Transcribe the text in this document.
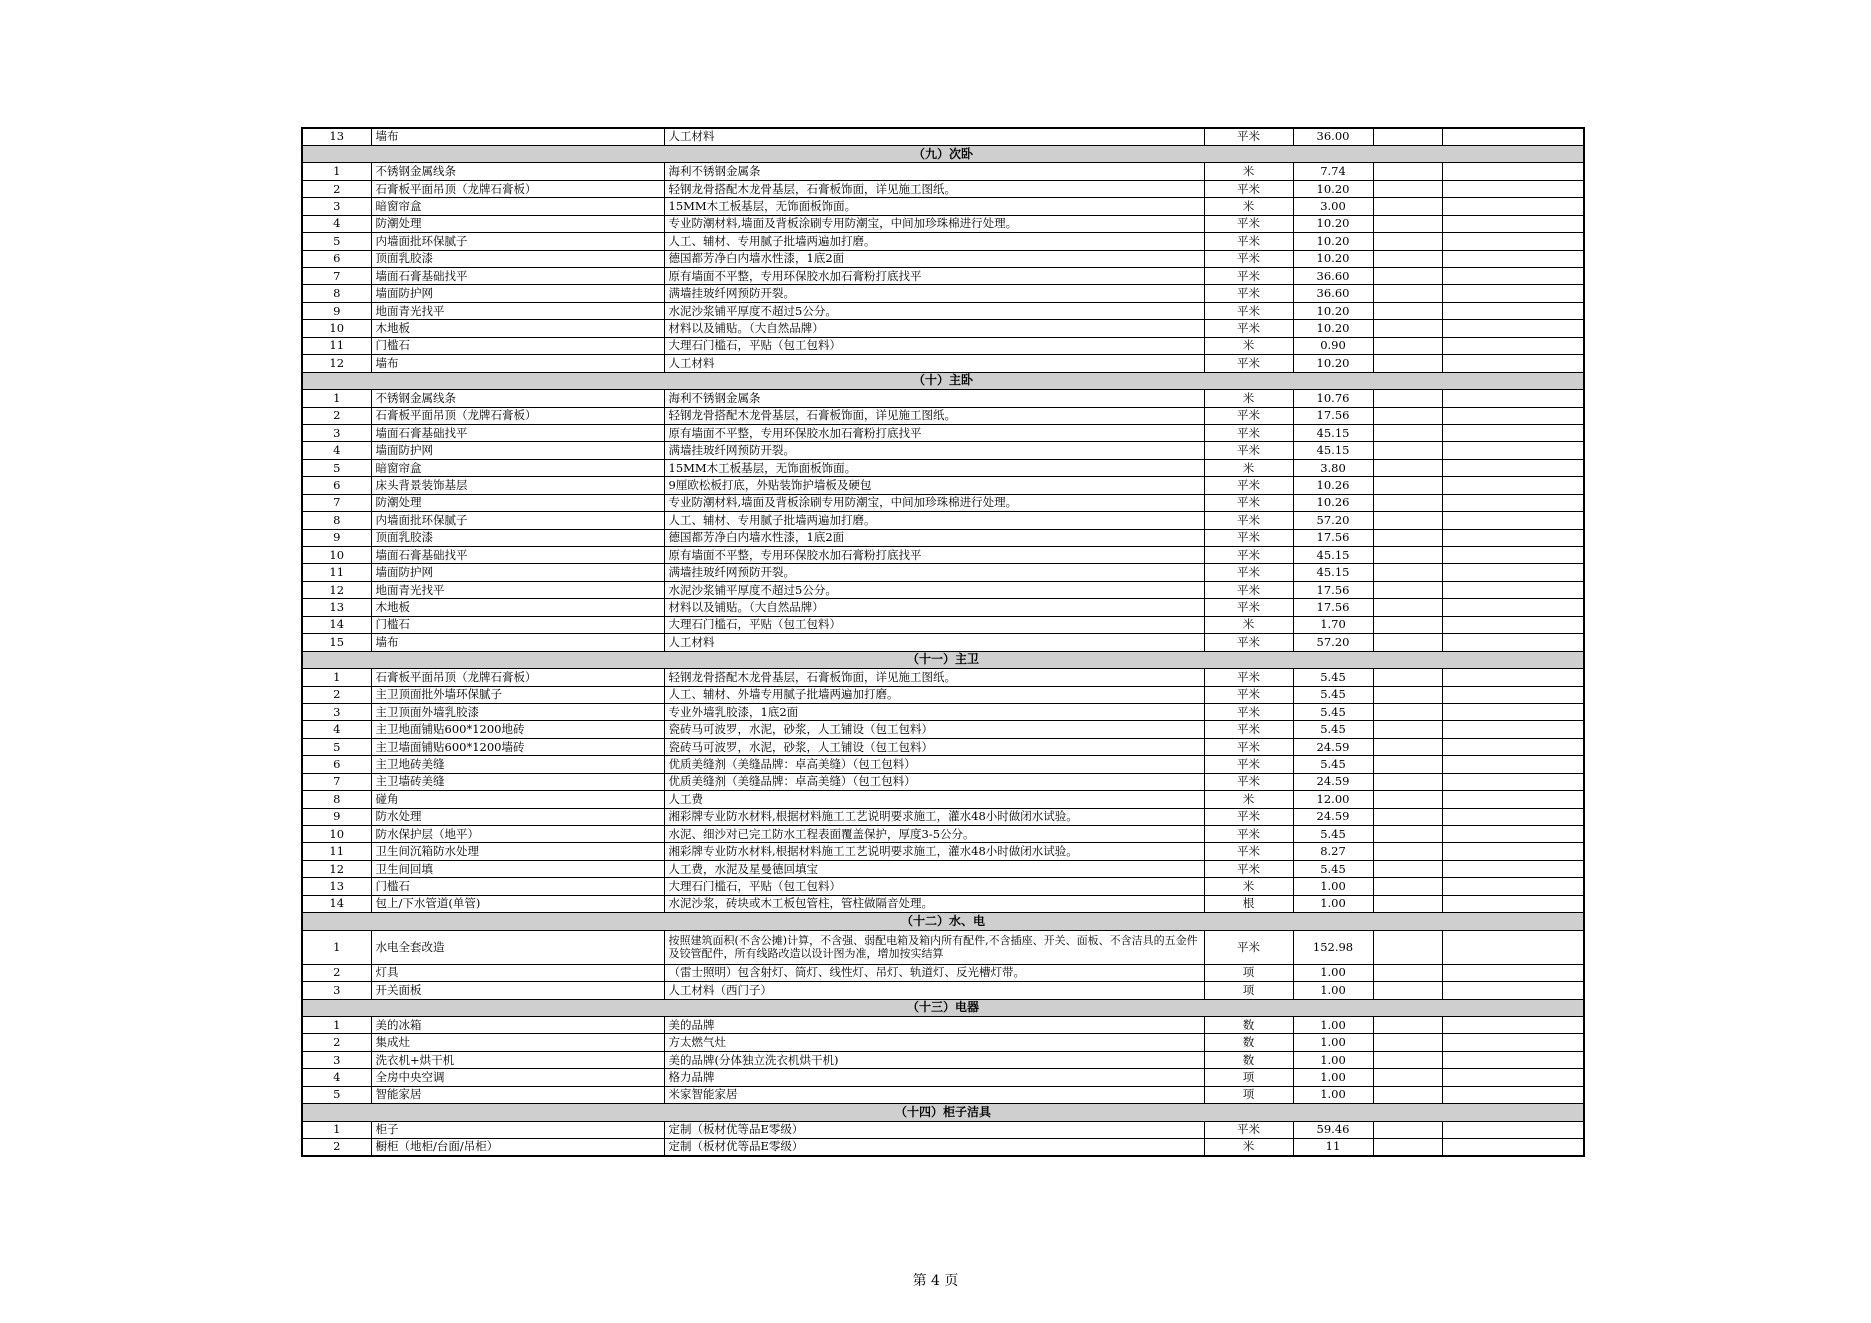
13	墙布	人工材料	平米	36.00		
（九）次卧						
1	不锈钢金属线条	海利不锈钢金属条	米	7.74		
2	石膏板平面吊顶（龙牌石膏板）	轻钢龙骨搭配木龙骨基层，石膏板饰面，详见施工图纸。	平米	10.20		
3	暗窗帘盒	15MM木工板基层，无饰面板饰面。	米	3.00		
4	防潮处理	专业防潮材料,墙面及背板涂刷专用防潮宝，中间加珍珠棉进行处理。	平米	10.20		
5	内墙面批环保腻子	人工、辅材、专用腻子批墙两遍加打磨。	平米	10.20		
6	顶面乳胶漆	德国都芳净白内墙水性漆，1底2面	平米	10.20		
7	墙面石膏基础找平	原有墙面不平整，专用环保胶水加石膏粉打底找平	平米	36.60		
8	墙面防护网	满墙挂玻纤网预防开裂。	平米	36.60		
9	地面青光找平	水泥沙浆铺平厚度不超过5公分。	平米	10.20		
10	木地板	材料以及铺贴。（大自然品牌）	平米	10.20		
11	门槛石	大理石门槛石，平贴（包工包料）	米	0.90		
12	墙布	人工材料	平米	10.20		
（十）主卧						
1	不锈钢金属线条	海利不锈钢金属条	米	10.76		
2	石膏板平面吊顶（龙牌石膏板）	轻钢龙骨搭配木龙骨基层，石膏板饰面，详见施工图纸。	平米	17.56		
3	墙面石膏基础找平	原有墙面不平整，专用环保胶水加石膏粉打底找平	平米	45.15		
4	墙面防护网	满墙挂玻纤网预防开裂。	平米	45.15		
5	暗窗帘盒	15MM木工板基层，无饰面板饰面。	米	3.80		
6	床头背景装饰基层	9厘欧松板打底，外贴装饰护墙板及硬包	平米	10.26		
7	防潮处理	专业防潮材料,墙面及背板涂刷专用防潮宝，中间加珍珠棉进行处理。	平米	10.26		
8	内墙面批环保腻子	人工、辅材、专用腻子批墙两遍加打磨。	平米	57.20		
9	顶面乳胶漆	德国都芳净白内墙水性漆，1底2面	平米	17.56		
10	墙面石膏基础找平	原有墙面不平整，专用环保胶水加石膏粉打底找平	平米	45.15		
11	墙面防护网	满墙挂玻纤网预防开裂。	平米	45.15		
12	地面青光找平	水泥沙浆铺平厚度不超过5公分。	平米	17.56		
13	木地板	材料以及铺贴。（大自然品牌）	平米	17.56		
14	门槛石	大理石门槛石，平贴（包工包料）	米	1.70		
15	墙布	人工材料	平米	57.20		
（十一）主卫						
1	石膏板平面吊顶（龙牌石膏板）	轻钢龙骨搭配木龙骨基层，石膏板饰面，详见施工图纸。	平米	5.45		
2	主卫顶面批外墙环保腻子	人工、辅材、外墙专用腻子批墙两遍加打磨。	平米	5.45		
3	主卫顶面外墙乳胶漆	专业外墙乳胶漆，1底2面	平米	5.45		
4	主卫地面铺贴600*1200地砖	瓷砖马可波罗，水泥，砂浆，人工铺设（包工包料）	平米	5.45		
5	主卫墙面铺贴600*1200墙砖	瓷砖马可波罗，水泥，砂浆，人工铺设（包工包料）	平米	24.59		
6	主卫地砖美缝	优质美缝剂（美缝品牌：卓高美缝）（包工包料）	平米	5.45		
7	主卫墙砖美缝	优质美缝剂（美缝品牌：卓高美缝）（包工包料）	平米	24.59		
8	碰角	人工费	米	12.00		
9	防水处理	湘彩牌专业防水材料,根据材料施工工艺说明要求施工，灌水48小时做闭水试验。	平米	24.59		
10	防水保护层（地平）	水泥、细沙对已完工防水工程表面覆盖保护，厚度3-5公分。	平米	5.45		
11	卫生间沉箱防水处理	湘彩牌专业防水材料,根据材料施工工艺说明要求施工，灌水48小时做闭水试验。	平米	8.27		
12	卫生间回填	人工费，水泥及星曼德回填宝	平米	5.45		
13	门槛石	大理石门槛石，平贴（包工包料）	米	1.00		
14	包上/下水管道(单管)	水泥沙浆，砖块或木工板包管柱，管柱做隔音处理。	根	1.00		
（十二）水、电						
1	水电全套改造	按照建筑面积(不含公摊)计算，不含强、弱配电箱及箱内所有配件,不含插座、开关、面板、不含洁具的五金件及铰管配件，所有线路改造以设计图为准，增加按实结算	平米	152.98		
2	灯具	（雷士照明）包含射灯、筒灯、线性灯、吊灯、轨道灯、反光槽灯带。	项	1.00		
3	开关面板	人工材料（西门子）	项	1.00		
（十三）电器						
1	美的冰箱	美的品牌	数	1.00		
2	集成灶	方太燃气灶	数	1.00		
3	洗衣机+烘干机	美的品牌(分体独立洗衣机烘干机)	数	1.00		
4	全房中央空调	格力品牌	项	1.00		
5	智能家居	米家智能家居	项	1.00		
（十四）柜子洁具						
1	柜子	定制（板材优等品E零级）	平米	59.46		
2	橱柜（地柜/台面/吊柜）	定制（板材优等品E零级）	米	11		
第 4 页
